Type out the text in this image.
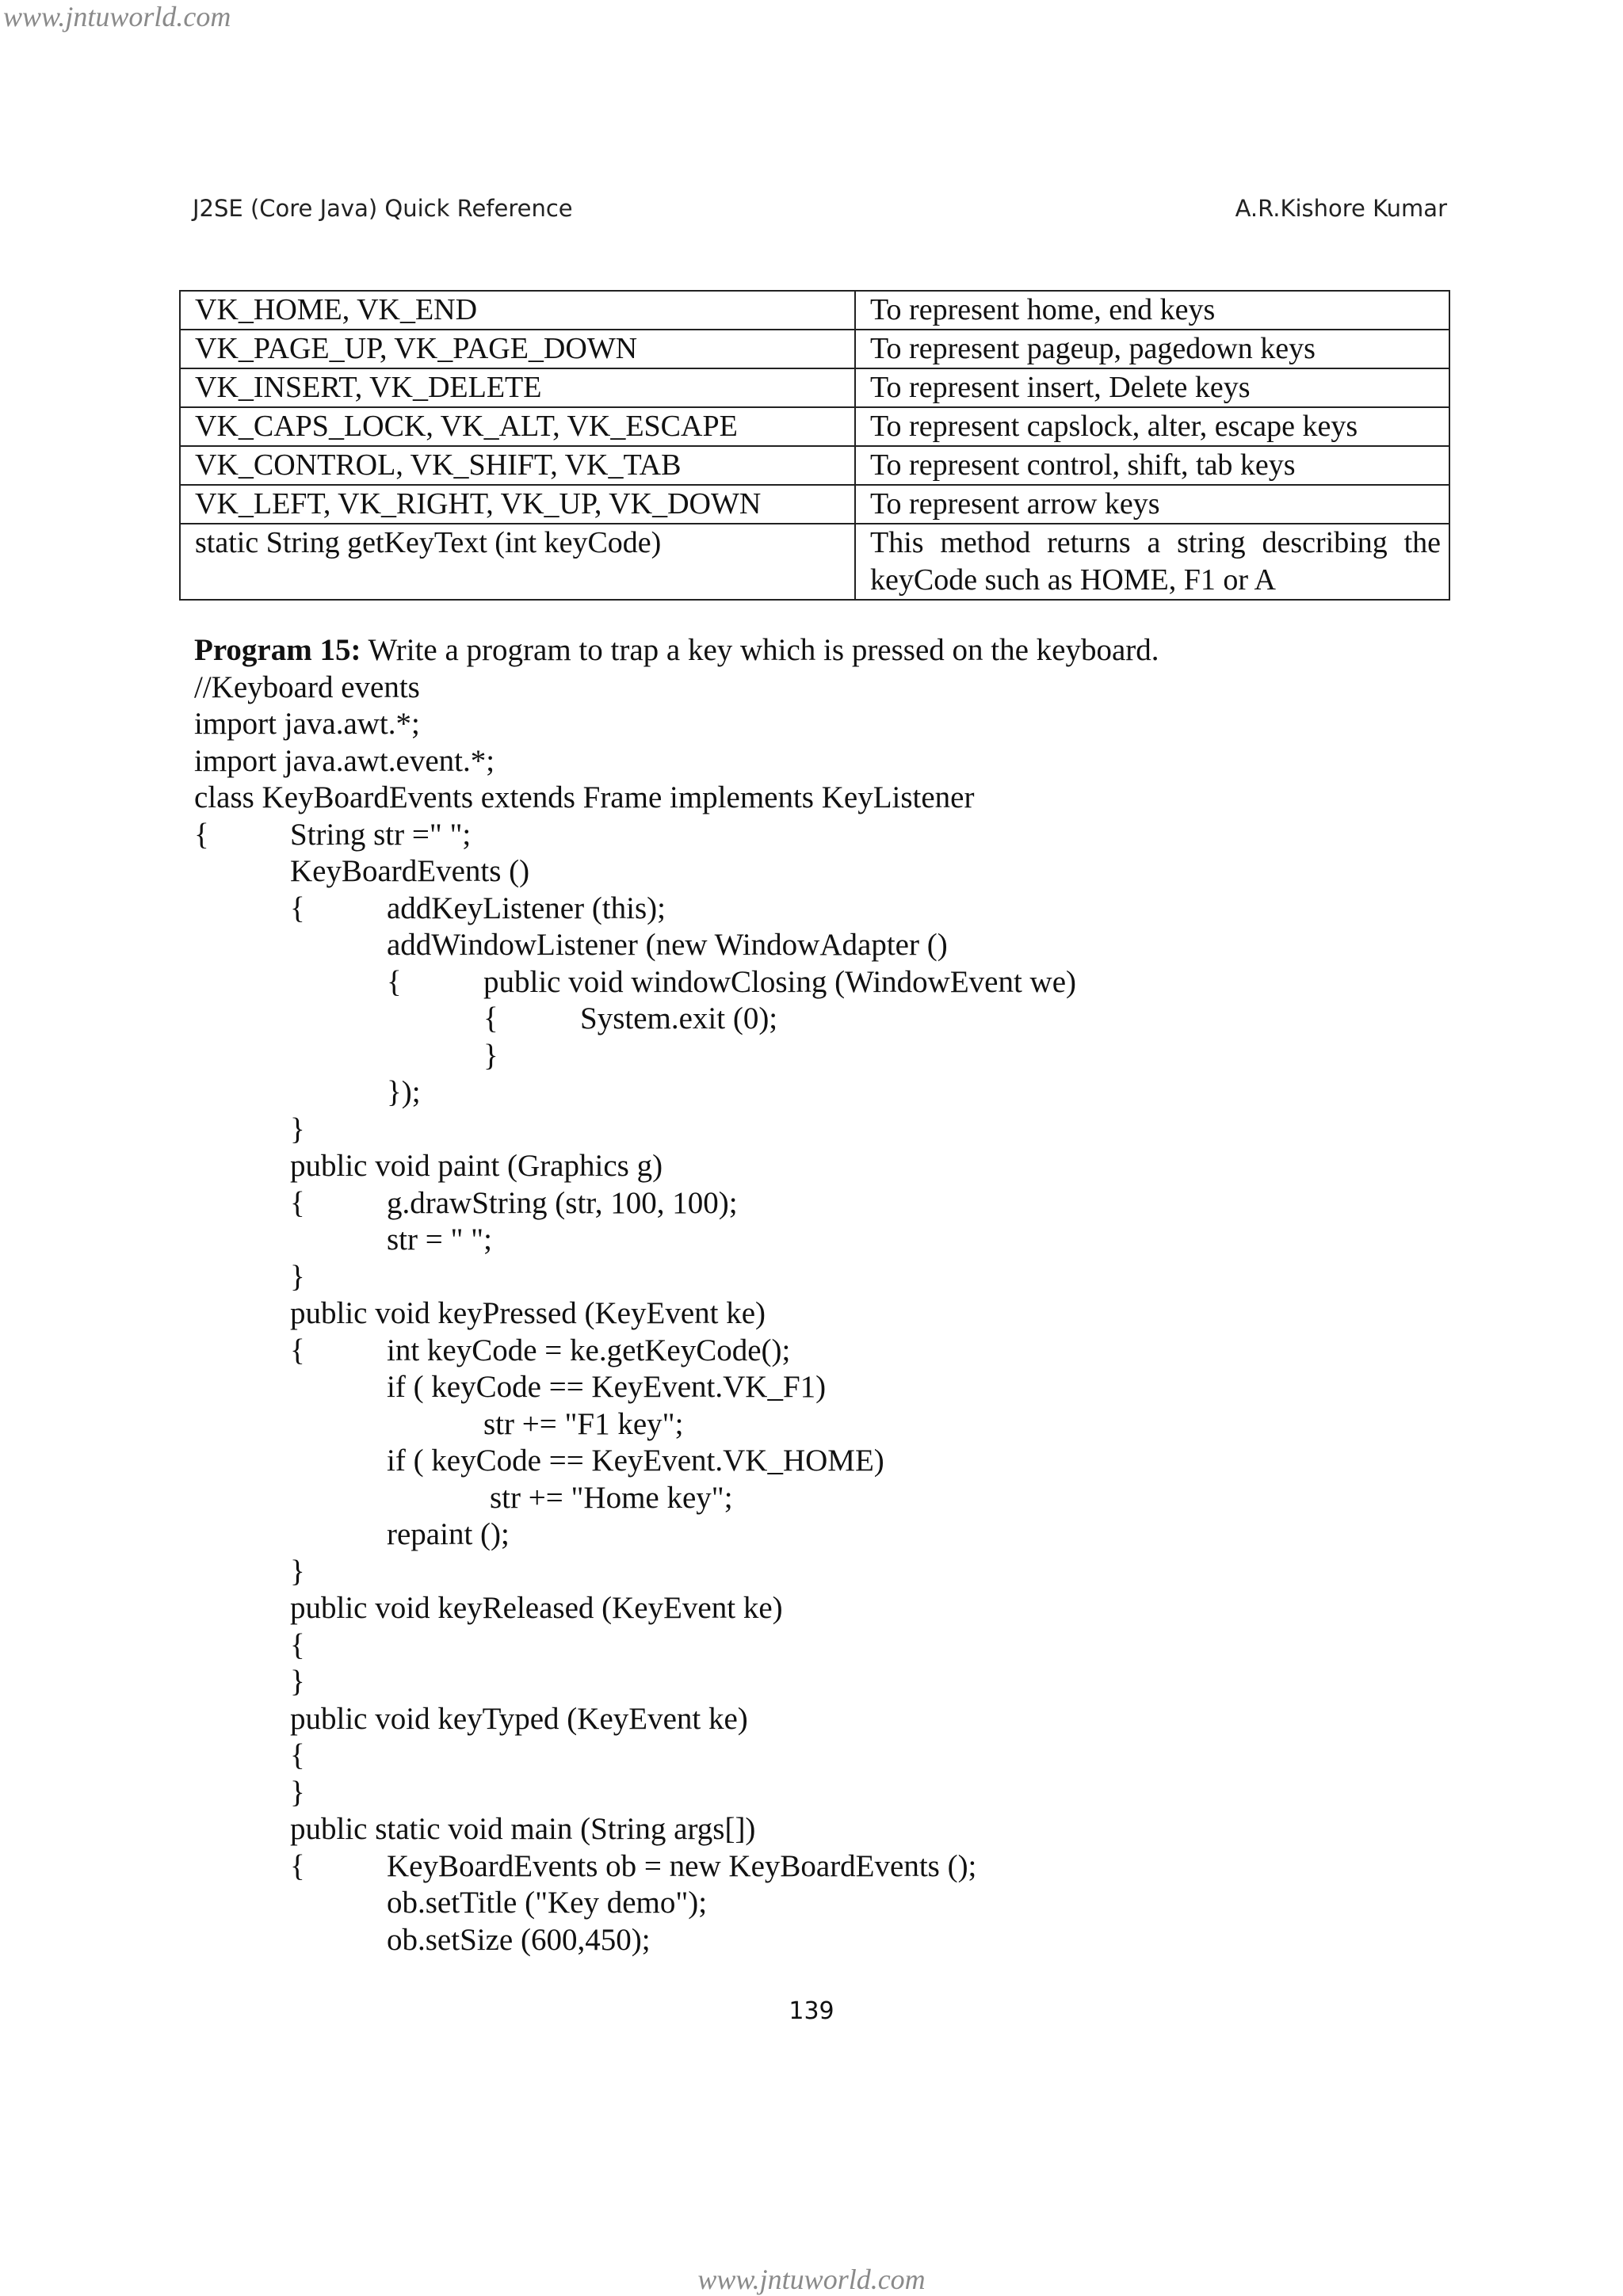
www.jntuworld.com
J2SE (Core Java) Quick Reference	A.R.Kishore Kumar
VK_HOME, VK_END	To represent home, end keys
VK_PAGE_UP, VK_PAGE_DOWN	To represent pageup, pagedown keys
VK_INSERT, VK_DELETE	To represent insert, Delete keys
VK_CAPS_LOCK, VK_ALT, VK_ESCAPE	To represent capslock, alter, escape keys
VK_CONTROL, VK_SHIFT, VK_TAB	To represent control, shift, tab keys
VK_LEFT, VK_RIGHT, VK_UP, VK_DOWN	To represent arrow keys
static String getKeyText (int keyCode)	This method returns a string describing the keyCode such as HOME, F1 or A
Program 15: Write a program to trap a key which is pressed on the keyboard.
//Keyboard events
import java.awt.*;
import java.awt.event.*;
class KeyBoardEvents extends Frame implements KeyListener
{	String str =" ";
KeyBoardEvents ()
{	addKeyListener (this);
addWindowListener (new WindowAdapter ()
{	public void windowClosing (WindowEvent we)
{	System.exit (0);
}
});
}
public void paint (Graphics g)
{	g.drawString (str, 100, 100);
str = " ";
}
public void keyPressed (KeyEvent ke)
{	int keyCode = ke.getKeyCode();
if ( keyCode == KeyEvent.VK_F1)
str += "F1 key";
if ( keyCode == KeyEvent.VK_HOME)
str += "Home key";
repaint ();
}
public void keyReleased (KeyEvent ke)
{
}
public void keyTyped (KeyEvent ke)
{
}
public static void main (String args[])
{	KeyBoardEvents ob = new KeyBoardEvents ();
ob.setTitle ("Key demo");
ob.setSize (600,450);
139
www.jntuworld.com
